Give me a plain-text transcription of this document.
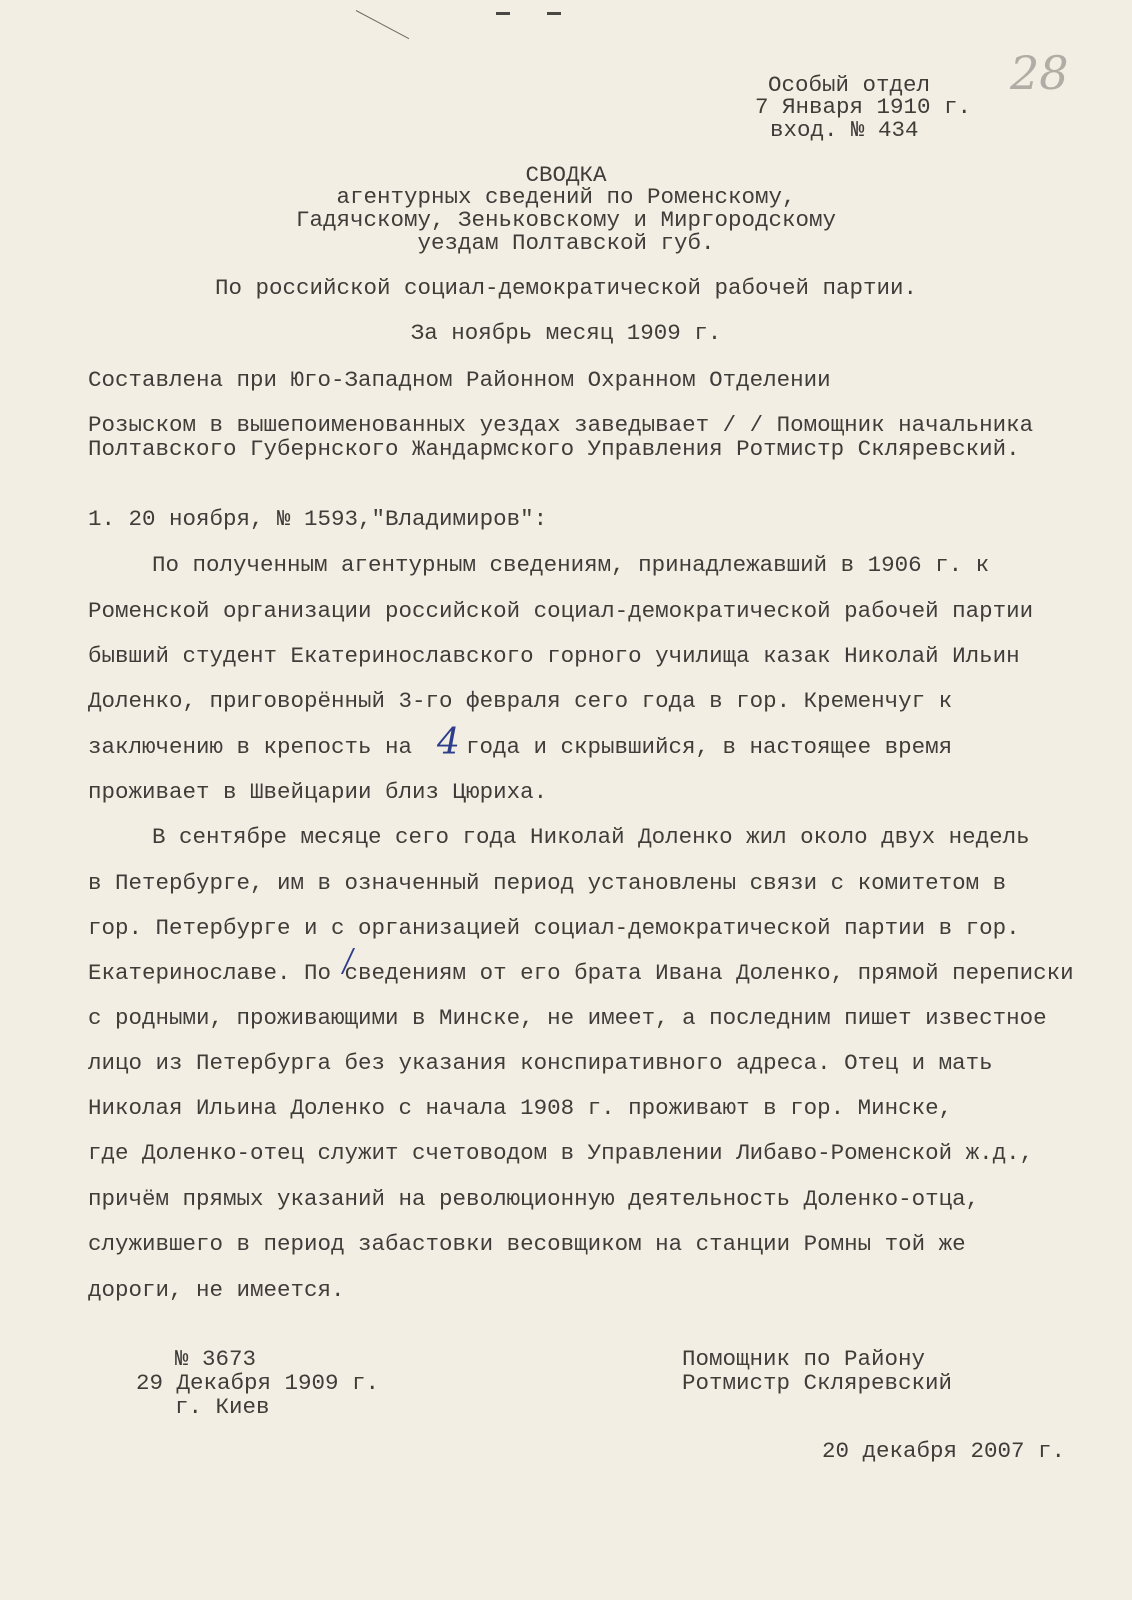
28
Особый отдел
7 Января 1910 г.
вход. № 434
СВОДКА
агентурных сведений по Роменскому,
Гадячскому, Зеньковскому и Миргородскому
уездам Полтавской губ.
По российской социал-демократической рабочей партии.
За ноябрь месяц 1909 г.
Составлена при Юго-Западном Районном Охранном Отделении
Розыском в вышепоименованных уездах заведывает / / Помощник начальника
Полтавского Губернского Жандармского Управления Ротмистр Скляревский.
1. 20 ноября, № 1593,"Владимиров":
По полученным агентурным сведениям, принадлежавший в 1906 г. к
Роменской организации российской социал-демократической рабочей партии
бывший студент Екатеринославского горного училища казак Николай Ильин
Доленко, приговорённый 3-го февраля сего года в гор. Кременчуг к
заключению в крепость на 4 года и скрывшийся, в настоящее время
проживает в Швейцарии близ Цюриха.
В сентябре месяце сего года Николай Доленко жил около двух недель
в Петербурге, им в означенный период установлены связи с комитетом в
гор. Петербурге и с организацией социал-демократической партии в гор.
Екатеринославе. По сведениям от его брата Ивана Доленко, прямой переписки
с родными, проживающими в Минске, не имеет, а последним пишет известное
лицо из Петербурга без указания конспиративного адреса. Отец и мать
Николая Ильина Доленко с начала 1908 г. проживают в гор. Минске,
где Доленко-отец служит счетоводом в Управлении Либаво-Роменской ж.д.,
причём прямых указаний на революционную деятельность Доленко-отца,
служившего в период забастовки весовщиком на станции Ромны той же
дороги, не имеется.
№ 3673
29 Декабря 1909 г.
г. Киев
Помощник по Району
Ротмистр Скляревский
20 декабря 2007 г.
